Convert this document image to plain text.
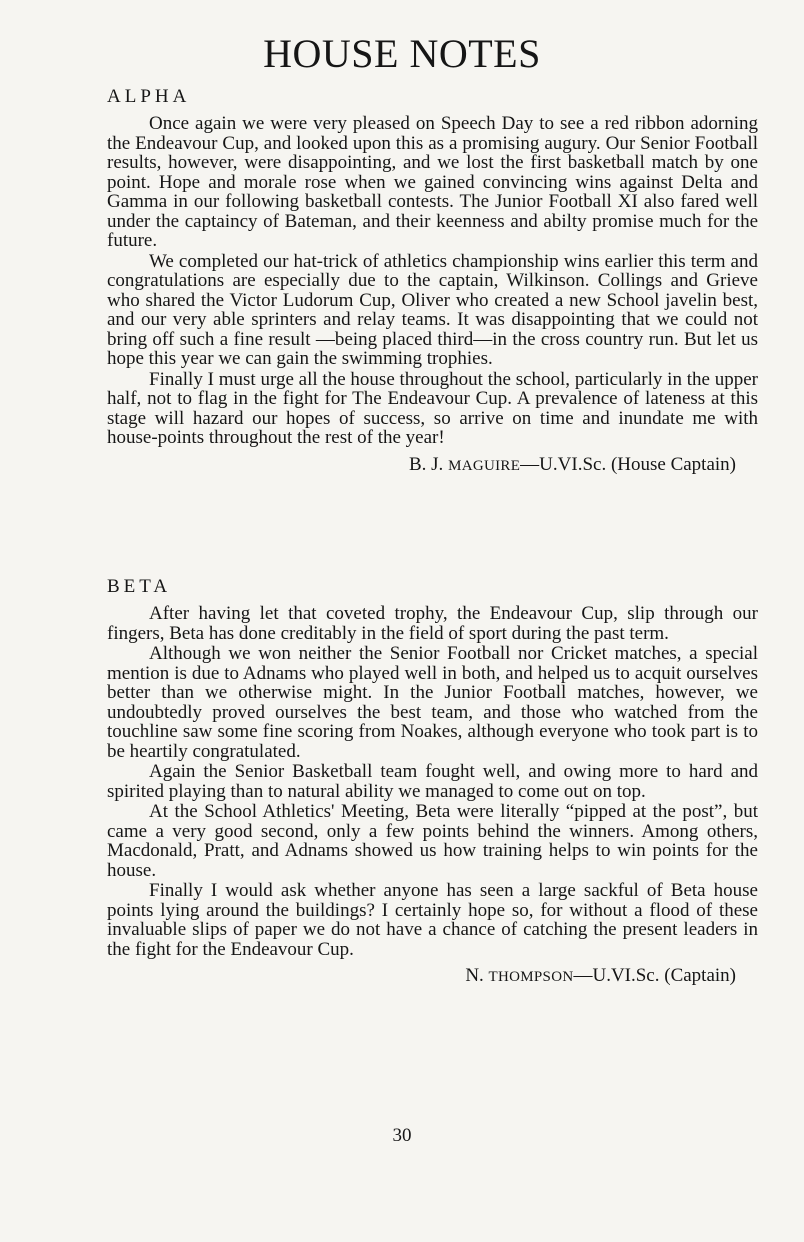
HOUSE NOTES
ALPHA

Once again we were very pleased on Speech Day to see a red ribbon adorning the Endeavour Cup, and looked upon this as a promising augury. Our Senior Football results, however, were disappointing, and we lost the first basketball match by one point. Hope and morale rose when we gained convincing wins against Delta and Gamma in our following basketball contests. The Junior Football XI also fared well under the captaincy of Bateman, and their keenness and abilty promise much for the future.

We completed our hat-trick of athletics championship wins earlier this term and congratulations are especially due to the captain, Wilkinson. Collings and Grieve who shared the Victor Ludorum Cup, Oliver who created a new School javelin best, and our very able sprinters and relay teams. It was disappointing that we could not bring off such a fine result —being placed third—in the cross country run. But let us hope this year we can gain the swimming trophies.

Finally I must urge all the house throughout the school, particularly in the upper half, not to flag in the fight for The Endeavour Cup. A prevalence of lateness at this stage will hazard our hopes of success, so arrive on time and inundate me with house-points throughout the rest of the year!

B. J. MAGUIRE—U.VI.Sc. (House Captain)
BETA

After having let that coveted trophy, the Endeavour Cup, slip through our fingers, Beta has done creditably in the field of sport during the past term.

Although we won neither the Senior Football nor Cricket matches, a special mention is due to Adnams who played well in both, and helped us to acquit ourselves better than we otherwise might. In the Junior Football matches, however, we undoubtedly proved ourselves the best team, and those who watched from the touchline saw some fine scoring from Noakes, although everyone who took part is to be heartily congratulated.

Again the Senior Basketball team fought well, and owing more to hard and spirited playing than to natural ability we managed to come out on top.

At the School Athletics' Meeting, Beta were literally “pipped at the post”, but came a very good second, only a few points behind the winners. Among others, Macdonald, Pratt, and Adnams showed us how training helps to win points for the house.

Finally I would ask whether anyone has seen a large sackful of Beta house points lying around the buildings? I certainly hope so, for without a flood of these invaluable slips of paper we do not have a chance of catching the present leaders in the fight for the Endeavour Cup.

N. THOMPSON—U.VI.Sc. (Captain)
30
